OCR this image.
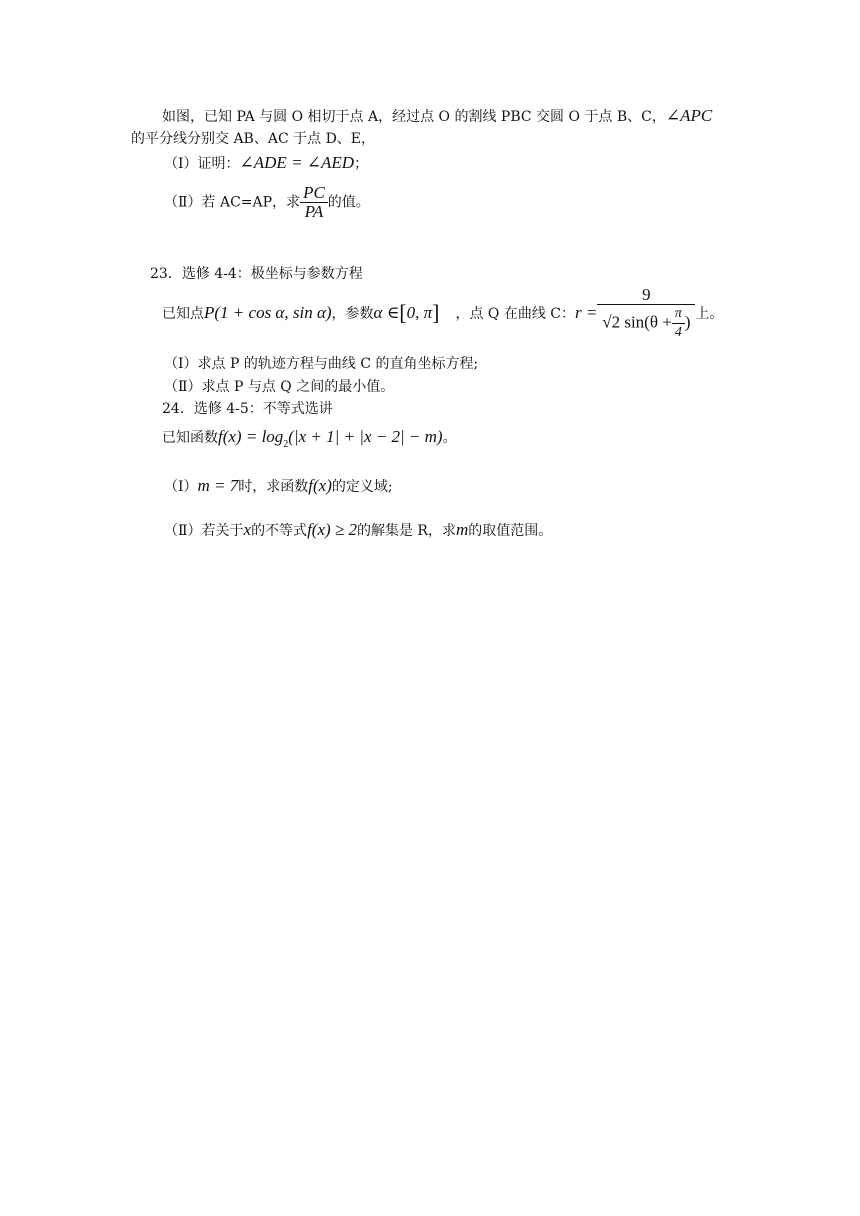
如图，已知 PA 与圆 O 相切于点 A，经过点 O 的割线 PBC 交圆 O 于点 B、C，∠APC
的平分线分别交 AB、AC 于点 D、E，
（Ⅰ）证明：∠ADE = ∠AED；
（Ⅱ）若 AC=AP，求 $\frac{PC}{PA}$ 的值。
23．选修 4-4：极坐标与参数方程
已知点P(1 + cos α, sin α)，参数α ∈[0, π] ，点 Q 在曲线 C：$r = \frac{9}{√2 \sin(\theta + \frac{\pi}{4} )}$ 上。
（Ⅰ）求点 P 的轨迹方程与曲线 C 的直角坐标方程;
（Ⅱ）求点 P 与点 Q 之间的最小值。
24．选修 4-5：不等式选讲
已知函数$f(x) = \log_2(|x + 1| + |x - 2| - m)$。
（Ⅰ）m = 7时，求函数f(x)的定义域;
（Ⅱ）若关于x的不等式f(x) ≥ 2的解集是 R，求m的取值范围。
